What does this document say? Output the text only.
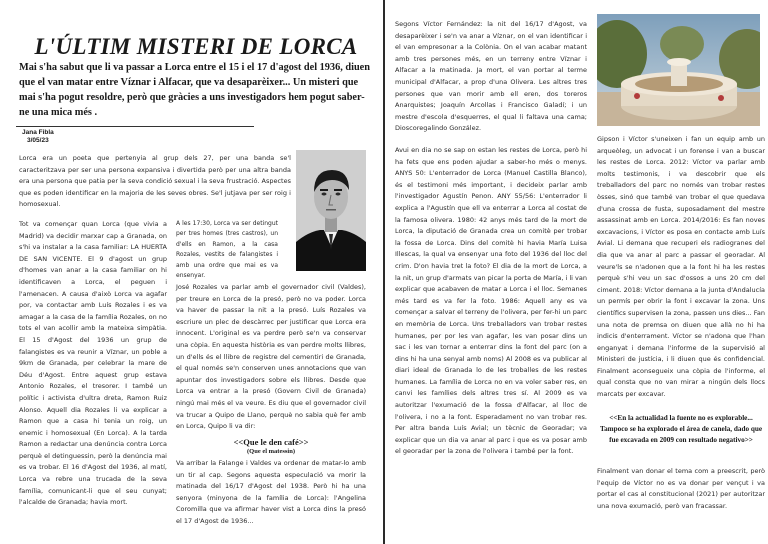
L'ÚLTIM MISTERI DE LORCA
Mai s'ha sabut que li va passar a Lorca entre el 15 i el 17 d'agost del 1936, diuen que el van matar entre Víznar i Alfacar, que va desaparèixer... Un misteri que mai s'ha pogut resoldre, però que gràcies a uns investigadors hem pogut saber-ne una mica més .
Jana Fibla
3/05/23
Lorca era un poeta que pertenyia al grup dels 27, per una banda se'l caracteritzava per ser una persona expansiva i divertida però per una altra banda era una persona que patia per la seva condició sexual i la seva frustració. Aspectes que es poden identificar en la majoria de les seves obres. Se'l jutjava per ser roig i homosexual.
Tot va començar quan Lorca (que vivia a Madrid) va decidir marxar cap a Granada, on s'hi va instalar a la casa familiar: LA HUERTA DE SAN VICENTE. El 9 d'agost un grup d'homes van anar a la casa familiar on hi identificaven a Lorca, el peguen i l'amenacen. A causa d'això Lorca va agafar por, va contactar amb Luís Rozales i es va amagar a la casa de la família Rozales, on no tots el van acollir amb la mateixa simpàtia. El 15 d'Agost del 1936 un grup de falangistes es va reunir a Víznar, un poble a 9km de Granada, per celebrar la mare de Déu d'Agost. Entre aquest grup estava Antonio Rozales, el tresorer. I també un polític i activista d'ultra dreta, Ramon Ruiz Alonso. Aquell dia Rozales li va explicar a Ramon que a casa hi tenia un roig, un enemic i homosexual (En Lorca). A la tarda Ramon a redactar una denúncia contra Lorca perquè el detinguessin, però la denúncia mai es va trobar. El 16 d'Agost del 1936, al matí, Lorca va rebre una trucada de la seva família, comunicant-li que el seu cunyat; l'alcalde de Granada; havia mort.
A les 17:30, Lorca va ser detingut per tres homes (tres castros), un d'ells en Ramon, a la casa Rozales, vestits de falangistes i amb una ordre que mai es va ensenyar.
José Rozales va parlar amb el governador civil (Valdes), per treure en Lorca de la presó, però no va poder. Lorca va haver de passar la nit a la presó. Luís Rozales va escriure un plec de descàrrec per justificar que Lorca era innocent. L'original es va perdre però se'n va conservar una còpia. En aquesta història es van perdre molts llibres, un d'ells és el llibre de registre del cementiri de Granada, el qual només se'n conserven unes annotacions que van apuntar dos investigadors sobre els llibres. Desde que Lorca va entrar a la presó (Govern Civil de Granada) ningú mai més el va veure. Es diu que el governador civil va trucar a Quipo de Llano, perquè no sabia què fer amb en Lorca, Quipo li va dir:
<<Que le den café>>
(Que el matessin)
Va arribar la Falange i Valdes va ordenar de matar-lo amb un tir al cap. Segons aquesta especulació va morir la matinada del 16/17 d'Agost del 1938. Però hi ha una senyora (minyona de la família de Lorca): l'Angelina Coromilla que va afirmar haver vist a Lorca dins la presó el 17 d'Agost de 1936...
Segons Víctor Fernández: la nit del 16/17 d'Agost, va desaparèixer i se'n va anar a Víznar, on el van identificar i el van empresonar a la Colònia. On el van acabar matant amb tres persones més, en un terreny entre Víznar i Alfacar a la matinada. Ja mort, el van portar al terme municipal d'Alfacar, a prop d'una Olivera. Les altres tres persones que van morir amb ell eren, dos toreros Anarquistes; Joaquín Arcollas i Francisco Galadí; i un mestre d'escola d'esquerres, el qual li faltava una cama; Dioscoregalindo González.
Avui en dia no se sap on estan les restes de Lorca, però hi ha fets que ens poden ajudar a saber-ho més o menys. ANYS 50: L'enterrador de Lorca (Manuel Castilla Blanco), és el testimoni més important, i decideix parlar amb l'investigador Agustín Penon. ANY 55/56: L'enterrador li explica a l'Agustín que ell va enterrar a Lorca al costat de la famosa olivera. 1980: 42 anys més tard de la mort de Lorca, la diputació de Granada crea un comitè per trobar la fossa de Lorca. Dins del comitè hi havia María Luisa Illescas, la qual va ensenyar una foto del 1936 del lloc del crim. D'on havia tret la foto? El dia de la mort de Lorca, a la nit, un grup d'armats van picar la porta de María, i li van explicar que acabaven de matar a Lorca i el lloc. Semanes més tard es va fer la foto. 1986: Aquell any es va començar a salvar el terreny de l'olivera, per fer-hi un parc en memòria de Lorca. Uns treballadors van trobar restes humanes, per por les van agafar, les van posar dins un sac i les van tornar a enterrar dins la font del parc (on a dins hi ha una senyal amb noms) Al 2008 es va publicar al diari ideal de Granada lo de les troballes de les restes humanes. La família de Lorca no en va voler saber res, en canvi les famílies dels altres tres sí. Al 2009 es va autoritzar l'exumació de la fossa d'Alfacar, al lloc de l'olivera, i no a la font. Esperadament no van trobar res. Per altra banda Luís Avial; un tècnic de Georadar; va explicar que un dia va anar al parc i que es va posar amb el georadar per la zona de l'olivera i també per la font.
Gipson i Víctor s'uneixen i fan un equip amb un arqueòleg, un advocat i un forense i van a buscar les restes de Lorca. 2012: Víctor va parlar amb molts testimonis, i va descobrir que els treballadors del parc no només van trobar restes òsses, sinó que també van trobar el que quedava d'una crossa de fusta, suposadament del mestre assassinat amb en Lorca. 2014/2016: Es fan noves excavacions, i Víctor es posa en contacte amb Luís Avial. Li demana que recuperi els radiogranes del dia que va anar al parc a passar el georadar. Al veure'ls se n'adonen que a la font hi ha les restes perquè s'hi veu un sac d'ossos a uns 20 cm del ciment. 2018: Víctor demana a la junta d'Andalucía un permís per obrir la font i excavar la zona. Uns científics supervisen la zona, passen uns dies... Fan una nota de premsa on diuen que allà no hi ha indicis d'enterrament. Víctor se n'adona que l'han enganyat i demana l'informe de la supervisió al Ministeri de justícia, i li diuen que és confidencial. Finalment aconsegueix una còpia de l'informe, el qual consta que no van mirar a ningún dels llocs marcats per excavar.
<<En la actualidad la fuente no es explorable... Tampoco se ha explorado el área de canela, dado que fue excavada en 2009 con resultado negativo>>
Finalment van donar el tema com a preescrit, però l'equip de Víctor no es va donar per vençut i va portar el cas al constitucional (2021) per autoritzar una nova exumació, però van fracassar.
